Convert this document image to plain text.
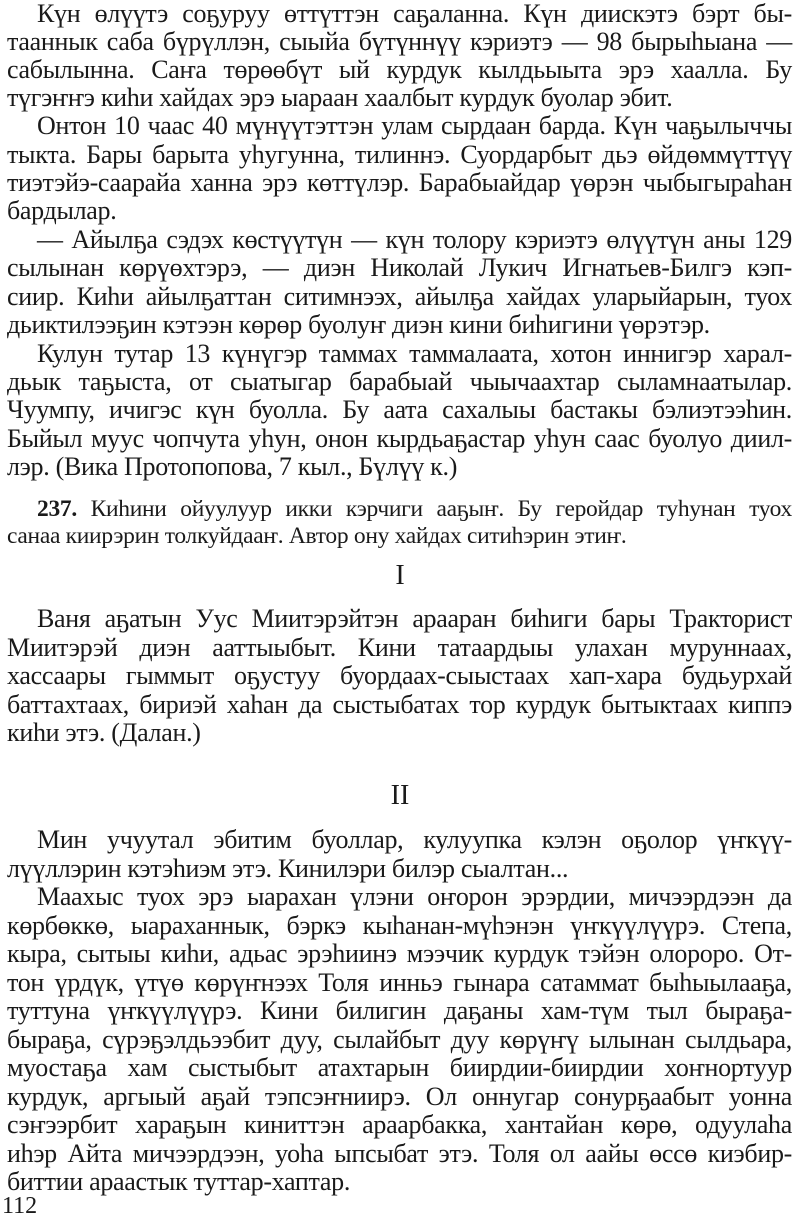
Күн өлүүтэ соҕуруу өттүттэн саҕаланна. Күн диискэтэ бэрт бы-
тааннык саба бүрүллэн, сыыйа бүтүннүү кэриэтэ — 98 бырыһыана —
сабылынна. Саҥа төрөөбүт ый курдук кылдьыыта эрэ хаалла. Бу
түгэҥҥэ киһи хайдах эрэ ыараан хаалбыт курдук буолар эбит.
Онтон 10 чаас 40 мүнүүтэттэн улам сырдаан барда. Күн чаҕылыччы
тыкта. Бары барыта уһугунна, тилиннэ. Суордарбыт дьэ өйдөммүттүү
тиэтэйэ-саарайа ханна эрэ көттүлэр. Барабыайдар үөрэн чыбыгыраһан
бардылар.
— Айылҕа сэдэх көстүүтүн — күн толору кэриэтэ өлүүтүн аны 129
сылынан көрүөхтэрэ, — диэн Николай Лукич Игнатьев-Билгэ кэп-
сиир. Киһи айылҕаттан ситимнээх, айылҕа хайдах уларыйарын, туох
дьиктилээҕин кэтээн көрөр буолуҥ диэн кини биһигини үөрэтэр.
Кулун тутар 13 күнүгэр таммах таммалаата, хотон иннигэр харал-
дьык таҕыста, от сыатыгар барабыай чыычаахтар сыламнаатылар.
Чуумпу, ичигэс күн буолла. Бу аата сахалыы бастакы бэлиэтээһин.
Быйыл муус чопчута уһун, онон кырдьаҕастар уһун саас буолуо диил-
лэр. (Вика Протопопова, 7 кыл., Бүлүү к.)
237. Киһини ойуулуур икки кэрчиги ааҕыҥ. Бу геройдар туһунан туох
санаа киирэрин толкуйдааҥ. Автор ону хайдах ситиһэрин этиҥ.
I
Ваня аҕатын Уус Миитэрэйтэн арааран биһиги бары Тракторист
Миитэрэй диэн ааттыыбыт. Кини татаардыы улахан муруннаах,
хассаары гыммыт оҕустуу буордаах-сыыстаах хап-хара будьурхай
баттахтаах, бириэй хаһан да сыстыбатах тор курдук бытыктаах киппэ
киһи этэ. (Далан.)
II
Мин учуутал эбитим буоллар, кулуупка кэлэн оҕолор үҥкүү-
лүүллэрин кэтэһиэм этэ. Кинилэри билэр сыалтан...
Маахыс туох эрэ ыарахан үлэни оҥорон эрэрдии, мичээрдээн да
көрбөккө, ыараханнык, бэркэ кыһанан-мүһэнэн үҥкүүлүүрэ. Степа,
кыра, сытыы киһи, адьас эрэһиинэ мээчик курдук тэйэн олороро. От-
тон үрдүк, үтүө көрүҥнээх Толя инньэ гынара сатаммат быһыылааҕа,
туттуна үҥкүүлүүрэ. Кини билигин даҕаны хам-түм тыл быраҕа-
быраҕа, сүрэҕэлдьээбит дуу, сылайбыт дуу көрүҥү ылынан сылдьара,
муостаҕа хам сыстыбыт атахтарын биирдии-биирдии хоҥнортуур
курдук, аргыый аҕай тэпсэҥниирэ. Ол оннугар сонурҕаабыт уонна
сэҥээрбит хараҕын киниттэн араарбакка, хантайан көрө, одуулаһа
иһэр Айта мичээрдээн, уоһа ыпсыбат этэ. Толя ол аайы өссө киэбир-
биттии араастык туттар-хаптар.
112
